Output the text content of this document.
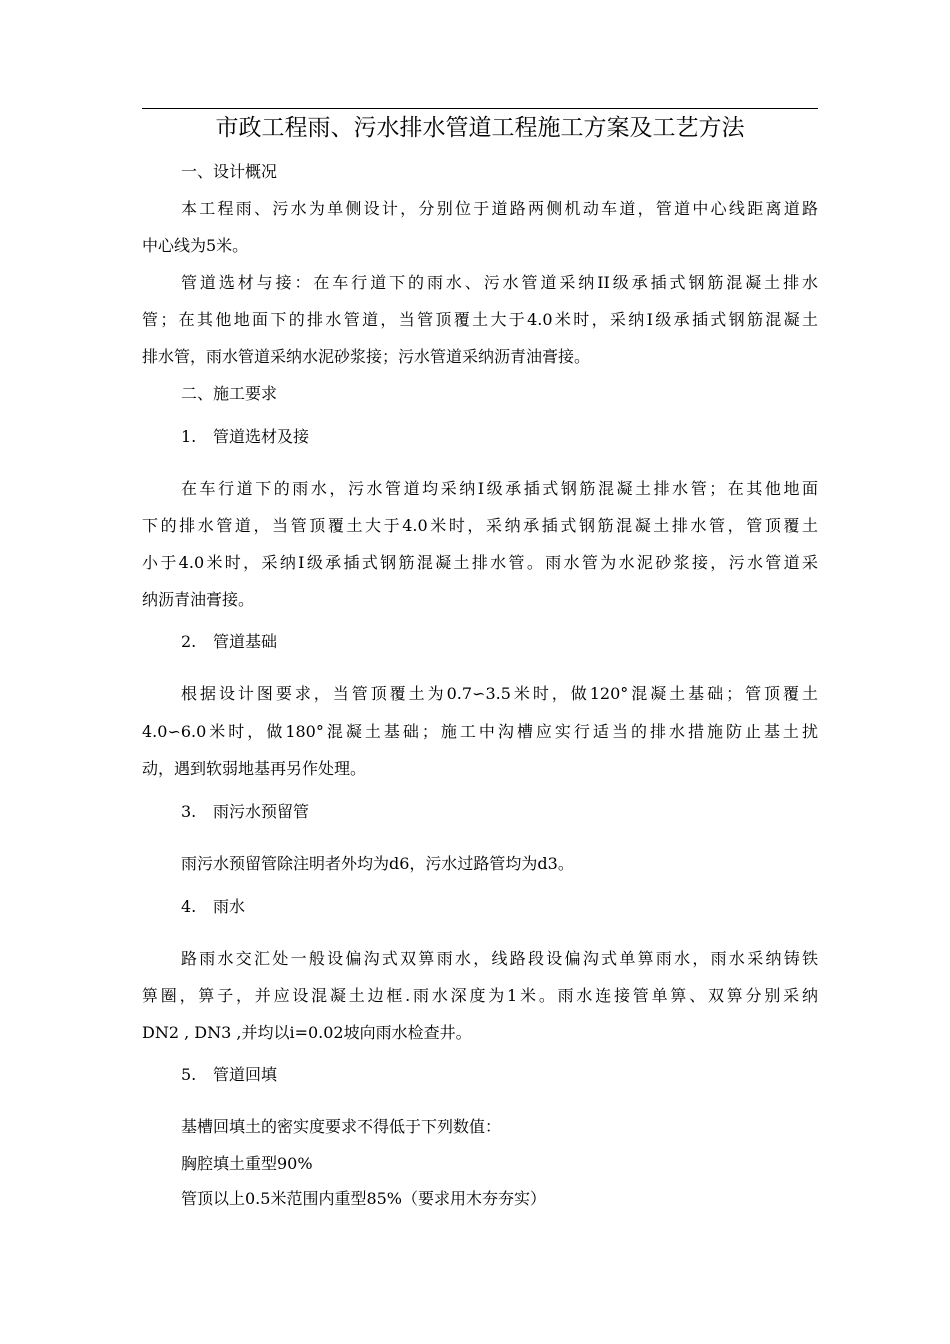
市政工程雨、污水排水管道工程施工方案及工艺方法
一、设计概况
本工程雨、污水为单侧设计，分别位于道路两侧机动车道，管道中心线距离道路
中心线为5米。
管道选材与接：在车行道下的雨水、污水管道采纳II级承插式钢筋混凝土排水
管；在其他地面下的排水管道，当管顶覆土大于4.0米时，采纳I级承插式钢筋混凝土
排水管，雨水管道采纳水泥砂浆接；污水管道采纳沥青油膏接。
二、施工要求
1. 管道选材及接
在车行道下的雨水，污水管道均采纳I级承插式钢筋混凝土排水管；在其他地面
下的排水管道，当管顶覆土大于4.0米时，采纳承插式钢筋混凝土排水管，管顶覆土
小于4.0米时，采纳I级承插式钢筋混凝土排水管。雨水管为水泥砂浆接，污水管道采
纳沥青油膏接。
2. 管道基础
根据设计图要求，当管顶覆土为0.7∽3.5米时，做120°混凝土基础；管顶覆土
4.0∽6.0米时，做180°混凝土基础；施工中沟槽应实行适当的排水措施防止基土扰
动，遇到软弱地基再另作处理。
3. 雨污水预留管
雨污水预留管除注明者外均为d6，污水过路管均为d3。
4. 雨水
路雨水交汇处一般设偏沟式双箅雨水，线路段设偏沟式单箅雨水，雨水采纳铸铁
箅圈，箅子，并应设混凝土边框.雨水深度为1米。雨水连接管单箅、双箅分别采纳
DN2 , DN3 ,并均以i=0.02坡向雨水检查井。
5. 管道回填
基槽回填土的密实度要求不得低于下列数值：
胸腔填土重型90%
管顶以上0.5米范围内重型85%（要求用木夯夯实）
